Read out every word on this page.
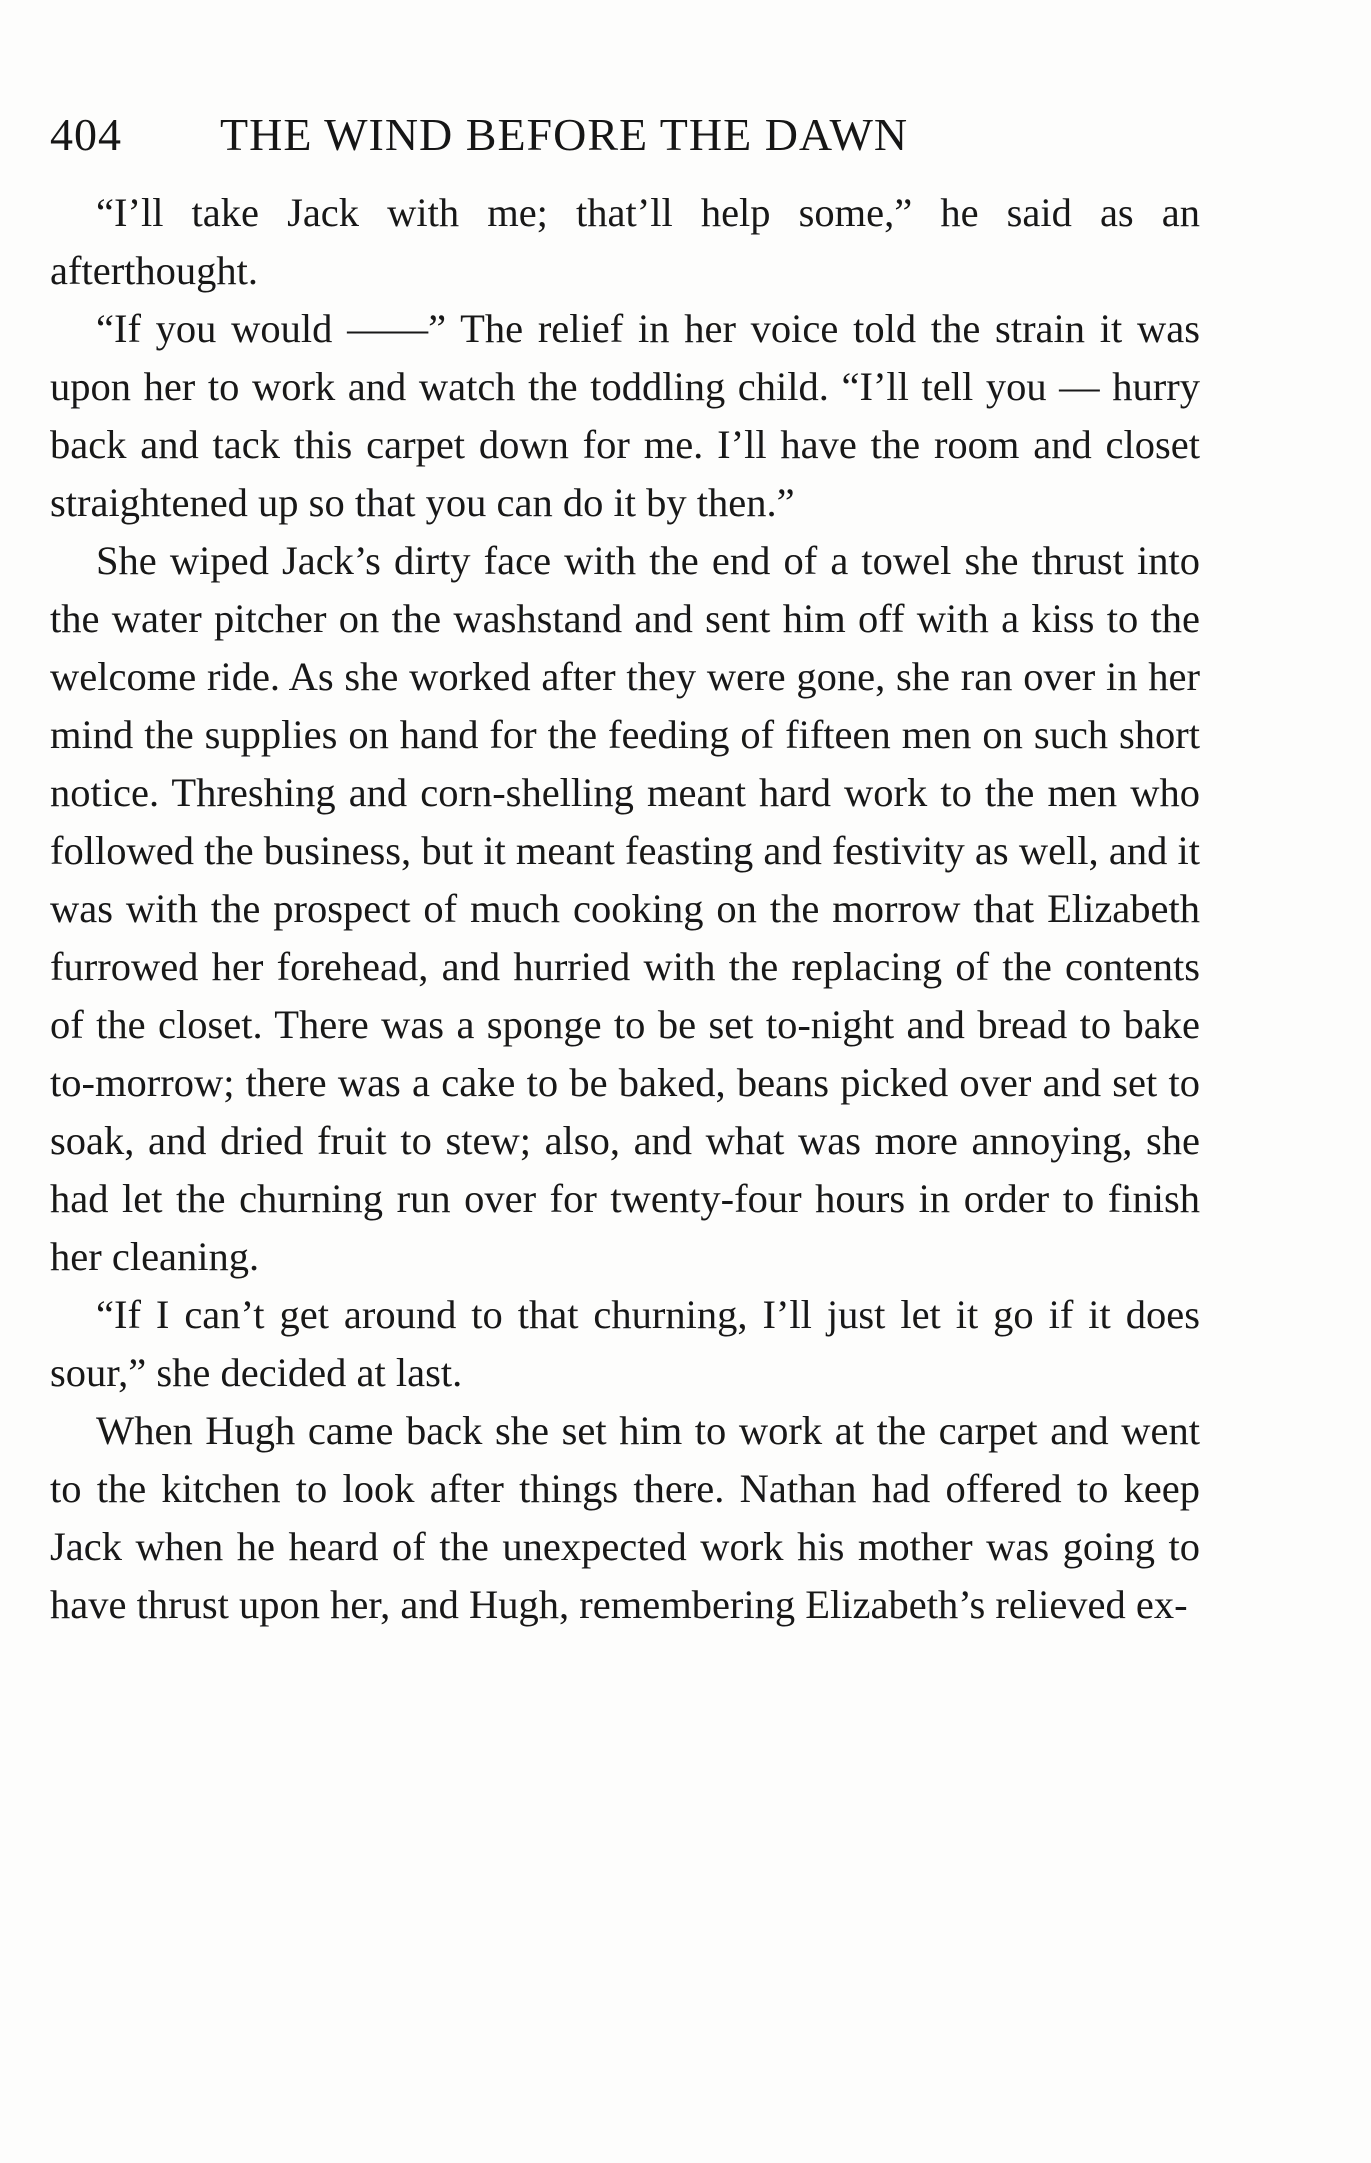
404 THE WIND BEFORE THE DAWN

“I’ll take Jack with me; that’ll help some,” he said as an afterthought.

“If you would ——” The relief in her voice told the strain it was upon her to work and watch the toddling child. “I’ll tell you — hurry back and tack this carpet down for me. I’ll have the room and closet straightened up so that you can do it by then.”

She wiped Jack’s dirty face with the end of a towel she thrust into the water pitcher on the washstand and sent him off with a kiss to the welcome ride. As she worked after they were gone, she ran over in her mind the supplies on hand for the feeding of fifteen men on such short notice. Threshing and corn-shelling meant hard work to the men who followed the business, but it meant feasting and festivity as well, and it was with the prospect of much cooking on the morrow that Elizabeth furrowed her forehead, and hurried with the replacing of the contents of the closet. There was a sponge to be set to-night and bread to bake to-morrow; there was a cake to be baked, beans picked over and set to soak, and dried fruit to stew; also, and what was more annoying, she had let the churning run over for twenty-four hours in order to finish her cleaning.

“If I can’t get around to that churning, I’ll just let it go if it does sour,” she decided at last.

When Hugh came back she set him to work at the carpet and went to the kitchen to look after things there. Nathan had offered to keep Jack when he heard of the unexpected work his mother was going to have thrust upon her, and Hugh, remembering Elizabeth’s relieved ex-
